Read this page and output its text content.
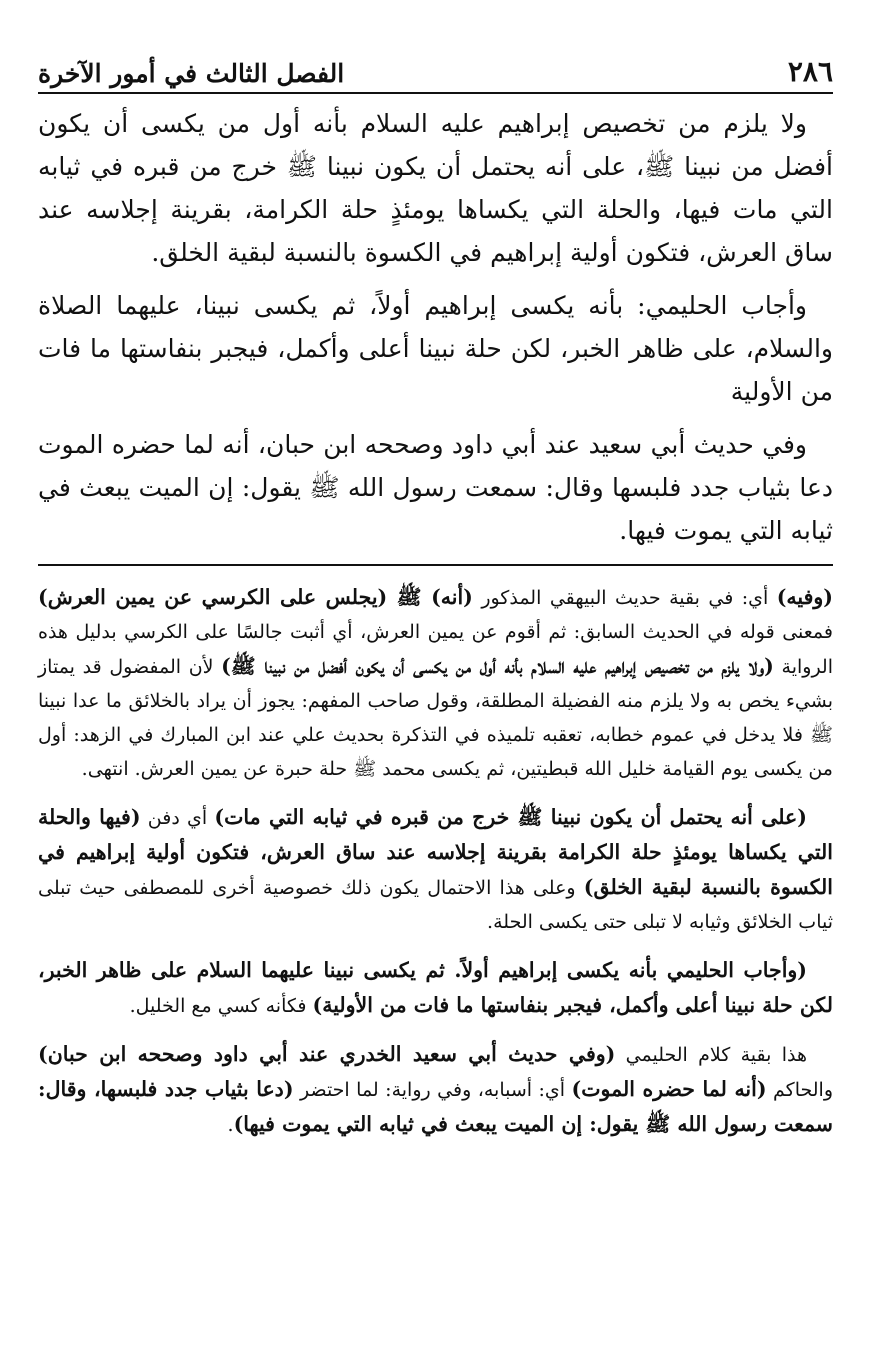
٢٨٦
الفصل الثالث في أمور الآخرة

ولا يلزم من تخصيص إبراهيم عليه السلام بأنه أول من يكسى أن يكون أفضل من نبينا ﷺ، على أنه يحتمل أن يكون نبينا ﷺ خرج من قبره في ثيابه التي مات فيها، والحلة التي يكساها يومئذٍ حلة الكرامة، بقرينة إجلاسه عند ساق العرش، فتكون أولية إبراهيم في الكسوة بالنسبة لبقية الخلق.

وأجاب الحليمي: بأنه يكسى إبراهيم أولاً، ثم يكسى نبينا، عليهما الصلاة والسلام، على ظاهر الخبر، لكن حلة نبينا أعلى وأكمل، فيجبر بنفاستها ما فات من الأولية

وفي حديث أبي سعيد عند أبي داود وصححه ابن حبان، أنه لما حضره الموت دعا بثياب جدد فلبسها وقال: سمعت رسول الله ﷺ يقول: إن الميت يبعث في ثيابه التي يموت فيها.

(وفيه) أي: في بقية حديث البيهقي المذكور (أنه) ﷺ (يجلس على الكرسي عن يمين العرش) فمعنى قوله في الحديث السابق: ثم أقوم عن يمين العرش، أي أثبت جالسًا على الكرسي بدليل هذه الرواية (ولا يلزم من تخصيص إبراهيم عليه السلام بأنه أول من يكسى أن يكون أفضل من نبينا ﷺ) لأن المفضول قد يمتاز بشيء يخص به ولا يلزم منه الفضيلة المطلقة، وقول صاحب المفهم: يجوز أن يراد بالخلائق ما عدا نبينا ﷺ فلا يدخل في عموم خطابه، تعقبه تلميذه في التذكرة بحديث علي عند ابن المبارك في الزهد: أول من يكسى يوم القيامة خليل الله قبطيتين، ثم يكسى محمد ﷺ حلة حبرة عن يمين العرش. انتهى.

(على أنه يحتمل أن يكون نبينا ﷺ خرج من قبره في ثيابه التي مات) أي دفن (فيها والحلة التي يكساها يومئذٍ حلة الكرامة بقرينة إجلاسه عند ساق العرش، فتكون أولية إبراهيم في الكسوة بالنسبة لبقية الخلق) وعلى هذا الاحتمال يكون ذلك خصوصية أخرى للمصطفى حيث تبلى ثياب الخلائق وثيابه لا تبلى حتى يكسى الحلة.

(وأجاب الحليمي بأنه يكسى إبراهيم أولاً. ثم يكسى نبينا عليهما السلام على ظاهر الخبر، لكن حلة نبينا أعلى وأكمل، فيجبر بنفاستها ما فات من الأولية) فكأنه كسي مع الخليل.

هذا بقية كلام الحليمي (وفي حديث أبي سعيد الخدري عند أبي داود وصححه ابن حبان) والحاكم (أنه لما حضره الموت) أي: أسبابه، وفي رواية: لما احتضر (دعا بثياب جدد فلبسها، وقال: سمعت رسول الله ﷺ يقول: إن الميت يبعث في ثيابه التي يموت فيها).
